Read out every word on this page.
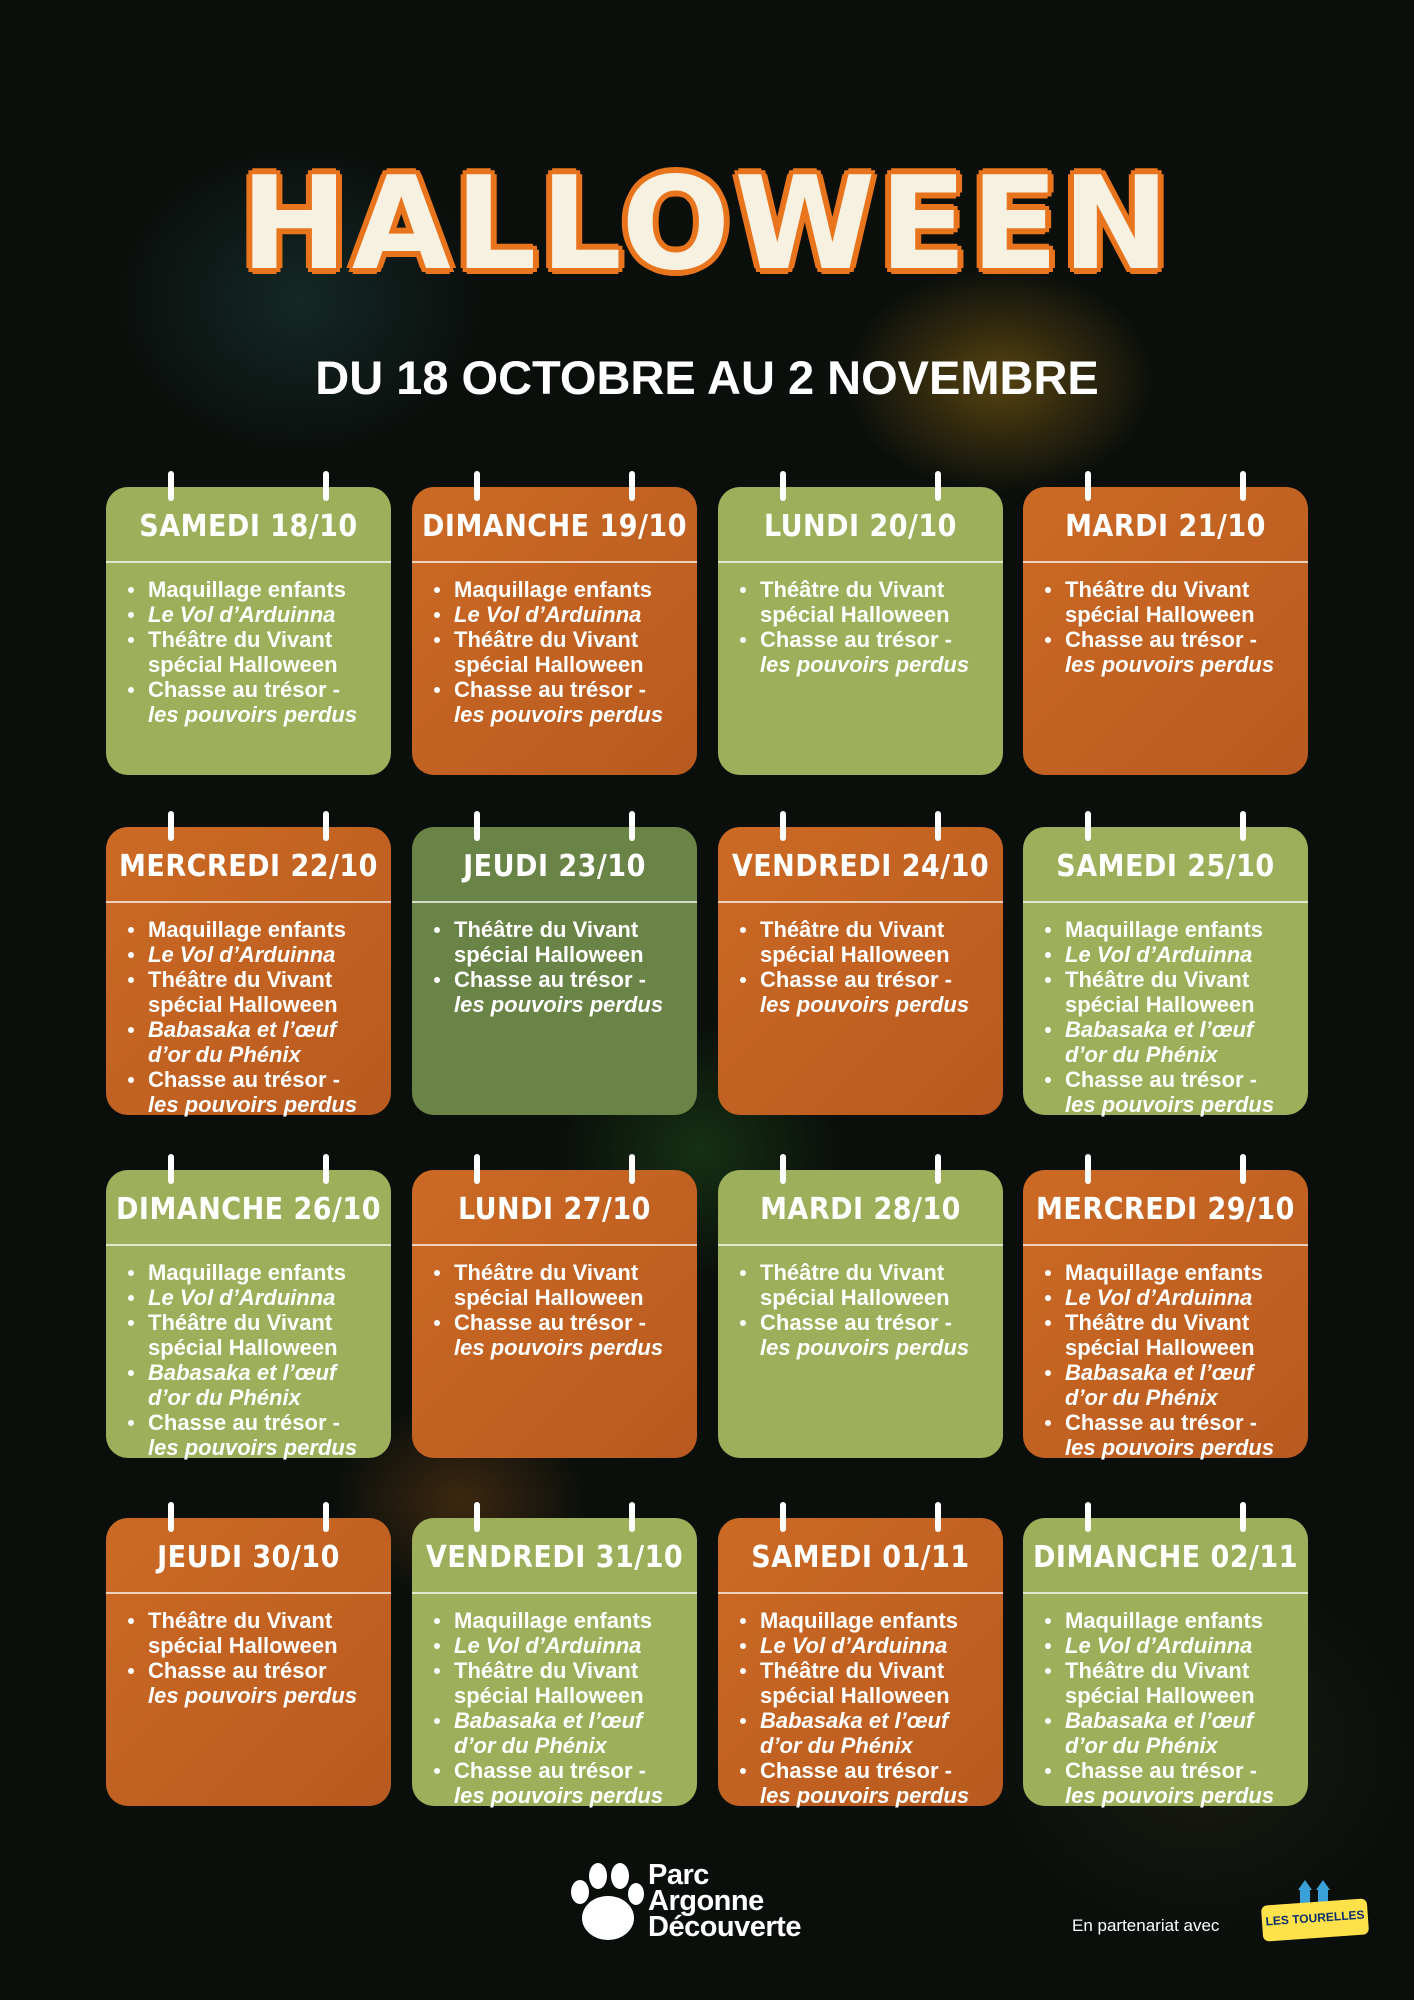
HALLOWEEN
DU 18 OCTOBRE AU 2 NOVEMBRE
SAMEDI 18/10
Maquillage enfants
Le Vol d’Arduinna
Théâtre du Vivant spécial Halloween
Chasse au trésor -
les pouvoirs perdus
DIMANCHE 19/10
Maquillage enfants
Le Vol d’Arduinna
Théâtre du Vivant spécial Halloween
Chasse au trésor -
les pouvoirs perdus
LUNDI 20/10
Théâtre du Vivant spécial Halloween
Chasse au trésor -
les pouvoirs perdus
MARDI 21/10
Théâtre du Vivant spécial Halloween
Chasse au trésor -
les pouvoirs perdus
MERCREDI 22/10
Maquillage enfants
Le Vol d’Arduinna
Théâtre du Vivant spécial Halloween
Babasaka et l’œuf d’or du Phénix
Chasse au trésor -
les pouvoirs perdus
JEUDI 23/10
Théâtre du Vivant spécial Halloween
Chasse au trésor -
les pouvoirs perdus
VENDREDI 24/10
Théâtre du Vivant spécial Halloween
Chasse au trésor -
les pouvoirs perdus
SAMEDI 25/10
Maquillage enfants
Le Vol d’Arduinna
Théâtre du Vivant spécial Halloween
Babasaka et l’œuf d’or du Phénix
Chasse au trésor -
les pouvoirs perdus
DIMANCHE 26/10
Maquillage enfants
Le Vol d’Arduinna
Théâtre du Vivant spécial Halloween
Babasaka et l’œuf d’or du Phénix
Chasse au trésor -
les pouvoirs perdus
LUNDI 27/10
Théâtre du Vivant spécial Halloween
Chasse au trésor -
les pouvoirs perdus
MARDI 28/10
Théâtre du Vivant spécial Halloween
Chasse au trésor -
les pouvoirs perdus
MERCREDI 29/10
Maquillage enfants
Le Vol d’Arduinna
Théâtre du Vivant spécial Halloween
Babasaka et l’œuf d’or du Phénix
Chasse au trésor -
les pouvoirs perdus
JEUDI 30/10
Théâtre du Vivant spécial Halloween
Chasse au trésor
les pouvoirs perdus
VENDREDI 31/10
Maquillage enfants
Le Vol d’Arduinna
Théâtre du Vivant spécial Halloween
Babasaka et l’œuf d’or du Phénix
Chasse au trésor -
les pouvoirs perdus
SAMEDI 01/11
Maquillage enfants
Le Vol d’Arduinna
Théâtre du Vivant spécial Halloween
Babasaka et l’œuf d’or du Phénix
Chasse au trésor -
les pouvoirs perdus
DIMANCHE 02/11
Maquillage enfants
Le Vol d’Arduinna
Théâtre du Vivant spécial Halloween
Babasaka et l’œuf d’or du Phénix
Chasse au trésor -
les pouvoirs perdus
Parc
Argonne
Découverte	En partenariat avec	LES TOURELLES
